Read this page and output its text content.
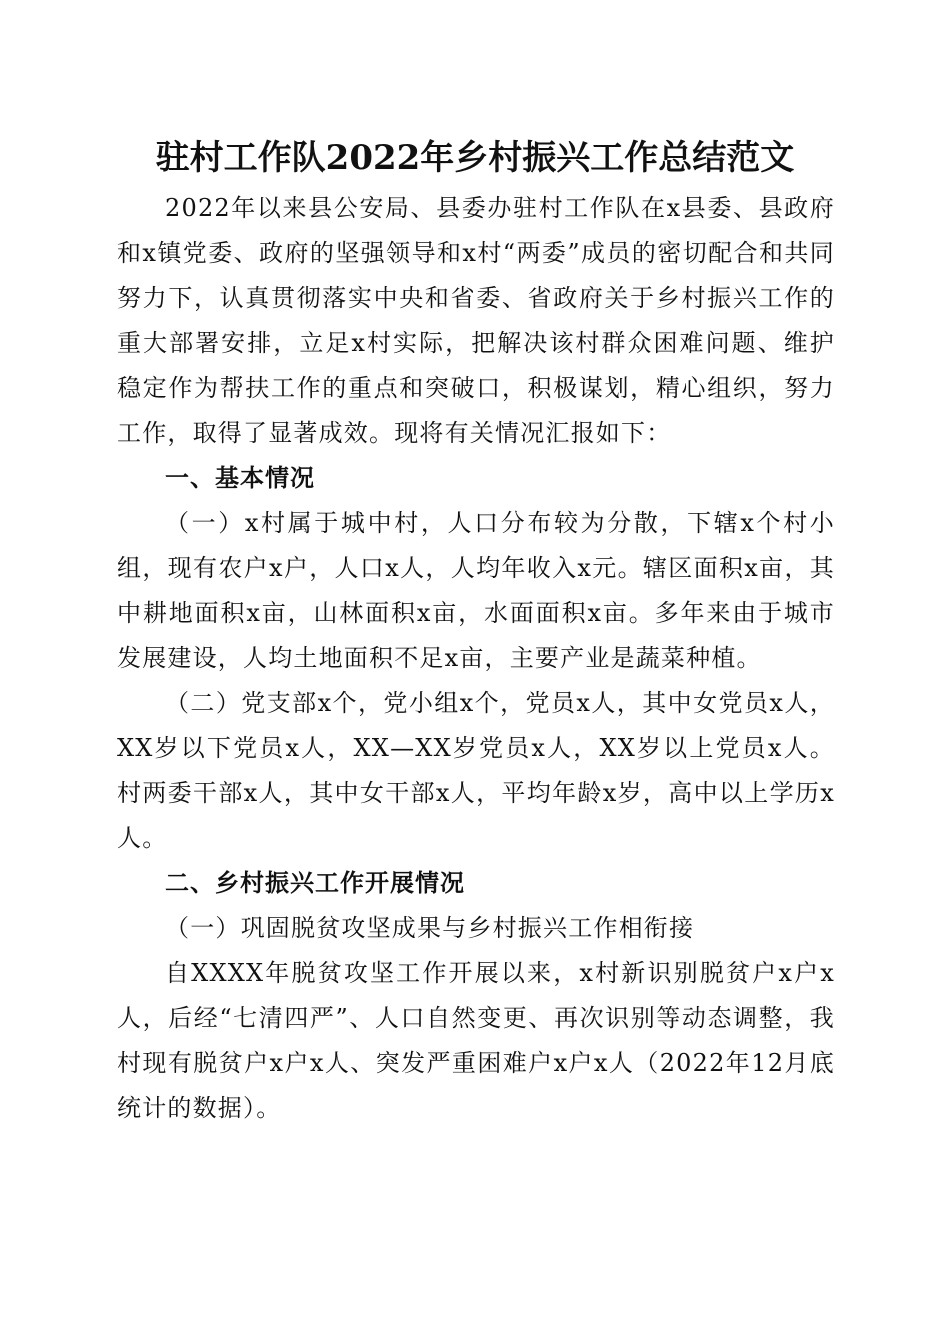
驻村工作队2022年乡村振兴工作总结范文

2022年以来县公安局、县委办驻村工作队在x县委、县政府和x镇党委、政府的坚强领导和x村“两委”成员的密切配合和共同努力下，认真贯彻落实中央和省委、省政府关于乡村振兴工作的重大部署安排，立足x村实际，把解决该村群众困难问题、维护稳定作为帮扶工作的重点和突破口，积极谋划，精心组织，努力工作，取得了显著成效。现将有关情况汇报如下：

一、基本情况

（一）x村属于城中村，人口分布较为分散，下辖x个村小组，现有农户x户，人口x人，人均年收入x元。辖区面积x亩，其中耕地面积x亩，山林面积x亩，水面面积x亩。多年来由于城市发展建设，人均土地面积不足x亩，主要产业是蔬菜种植。

（二）党支部x个，党小组x个，党员x人，其中女党员x人，XX岁以下党员x人，XX—XX岁党员x人，XX岁以上党员x人。村两委干部x人，其中女干部x人，平均年龄x岁，高中以上学历x人。

二、乡村振兴工作开展情况

（一）巩固脱贫攻坚成果与乡村振兴工作相衔接

自XXXX年脱贫攻坚工作开展以来，x村新识别脱贫户x户x人，后经“七清四严”、人口自然变更、再次识别等动态调整，我村现有脱贫户x户x人、突发严重困难户x户x人（2022年12月底统计的数据）。
